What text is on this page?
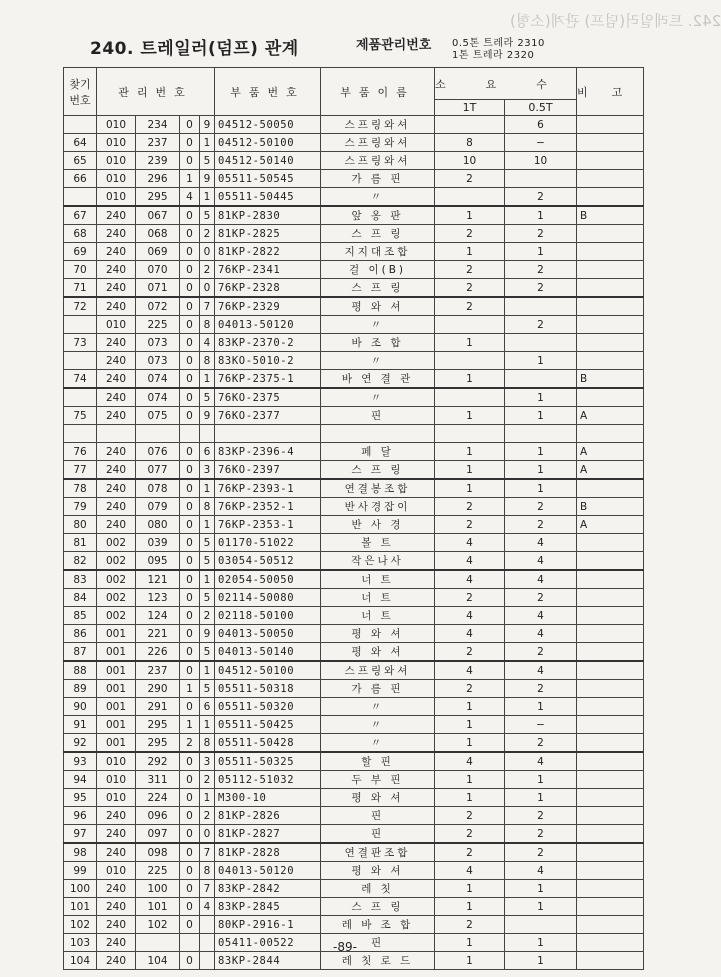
242. 트레일러(덤프) 관계(소형)
240. 트레일러(덤프) 관계	제품관리번호 0.5톤 트레라 2310
1톤 트레라 2320
찾기
번호	관리번호				부품번호	부품이름	소요수		비고
							1T	0.5T	
	010	234	0	9	04512-50050	스프링와셔		6	
64	010	237	0	1	04512-50100	스프링와셔	8	−	
65	010	239	0	5	04512-50140	스프링와셔	10	10	
66	010	296	1	9	05511-50545	가 름 핀	2		
	010	295	4	1	05511-50445	〃		2	
67	240	067	0	5	81KP-2830	앞 옹 판	1	1	B
68	240	068	0	2	81KP-2825	스 프 링	2	2	
69	240	069	0	0	81KP-2822	지지대조합	1	1	
70	240	070	0	2	76KP-2341	걸 이(B)	2	2	
71	240	071	0	0	76KP-2328	스 프 링	2	2	
72	240	072	0	7	76KP-2329	평 와 셔	2		
	010	225	0	8	04013-50120	〃		2	
73	240	073	0	4	83KP-2370-2	바 조 합	1		
	240	073	0	8	83KO-5010-2	〃		1	
74	240	074	0	1	76KP-2375-1	바 연 결 관	1		B
	240	074	0	5	76KO-2375	〃		1	
75	240	075	0	9	76KO-2377	핀	1	1	A

76	240	076	0	6	83KP-2396-4	페 달	1	1	A
77	240	077	0	3	76KO-2397	스 프 링	1	1	A
78	240	078	0	1	76KP-2393-1	연결봉조합	1	1	
79	240	079	0	8	76KP-2352-1	반사경잡이	2	2	B
80	240	080	0	1	76KP-2353-1	반 사 경	2	2	A
81	002	039	0	5	01170-51022	볼 트	4	4	
82	002	095	0	5	03054-50512	작은나사	4	4	
83	002	121	0	1	02054-50050	너 트	4	4	
84	002	123	0	5	02114-50080	너 트	2	2	
85	002	124	0	2	02118-50100	너 트	4	4	
86	001	221	0	9	04013-50050	평 와 셔	4	4	
87	001	226	0	5	04013-50140	평 와 셔	2	2	
88	001	237	0	1	04512-50100	스프링와셔	4	4	
89	001	290	1	5	05511-50318	가 름 핀	2	2	
90	001	291	0	6	05511-50320	〃	1	1	
91	001	295	1	1	05511-50425	〃	1	−	
92	001	295	2	8	05511-50428	〃	1	2	
93	010	292	0	3	05511-50325	할 핀	4	4	
94	010	311	0	2	05112-51032	두 부 핀	1	1	
95	010	224	0	1	M300-10	평 와 셔	1	1	
96	240	096	0	2	81KP-2826	핀	2	2	
97	240	097	0	0	81KP-2827	핀	2	2	
98	240	098	0	7	81KP-2828	연결판조합	2	2	
99	010	225	0	8	04013-50120	평 와 셔	4	4	
100	240	100	0	7	83KP-2842	레 칫	1	1	
101	240	101	0	4	83KP-2845	스 프 링	1	1	
102	240	102	0		80KP-2916-1	레 바 조 합	2		
103	240				05411-00522	핀	1	1	
104	240	104	0		83KP-2844	레 칫 로 드	1	1	
-89-
